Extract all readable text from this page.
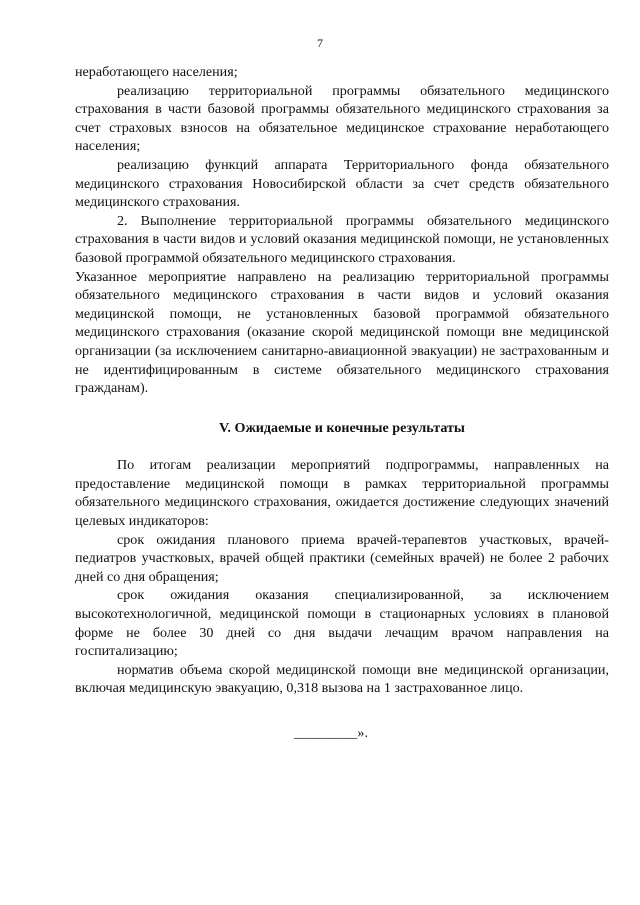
7

неработающего населения;

реализацию территориальной программы обязательного медицинского страхования в части базовой программы обязательного медицинского страхования за счет страховых взносов на обязательное медицинское страхование неработающего населения;

реализацию функций аппарата Территориального фонда обязательного медицинского страхования Новосибирской области за счет средств обязательного медицинского страхования.

2. Выполнение территориальной программы обязательного медицинского страхования в части видов и условий оказания медицинской помощи, не установленных базовой программой обязательного медицинского страхования.

Указанное мероприятие направлено на реализацию территориальной программы обязательного медицинского страхования в части видов и условий оказания медицинской помощи, не установленных базовой программой обязательного медицинского страхования (оказание скорой медицинской помощи вне медицинской организации (за исключением санитарно-авиационной эвакуации) не застрахованным и не идентифицированным в системе обязательного медицинского страхования гражданам).

V. Ожидаемые и конечные результаты

По итогам реализации мероприятий подпрограммы, направленных на предоставление медицинской помощи в рамках территориальной программы обязательного медицинского страхования, ожидается достижение следующих значений целевых индикаторов:

срок ожидания планового приема врачей-терапевтов участковых, врачей-педиатров участковых, врачей общей практики (семейных врачей) не более 2 рабочих дней со дня обращения;

срок ожидания оказания специализированной, за исключением высокотехнологичной, медицинской помощи в стационарных условиях в плановой форме не более 30 дней со дня выдачи лечащим врачом направления на госпитализацию;

норматив объема скорой медицинской помощи вне медицинской организации, включая медицинскую эвакуацию, 0,318 вызова на 1 застрахованное лицо.

_________».
